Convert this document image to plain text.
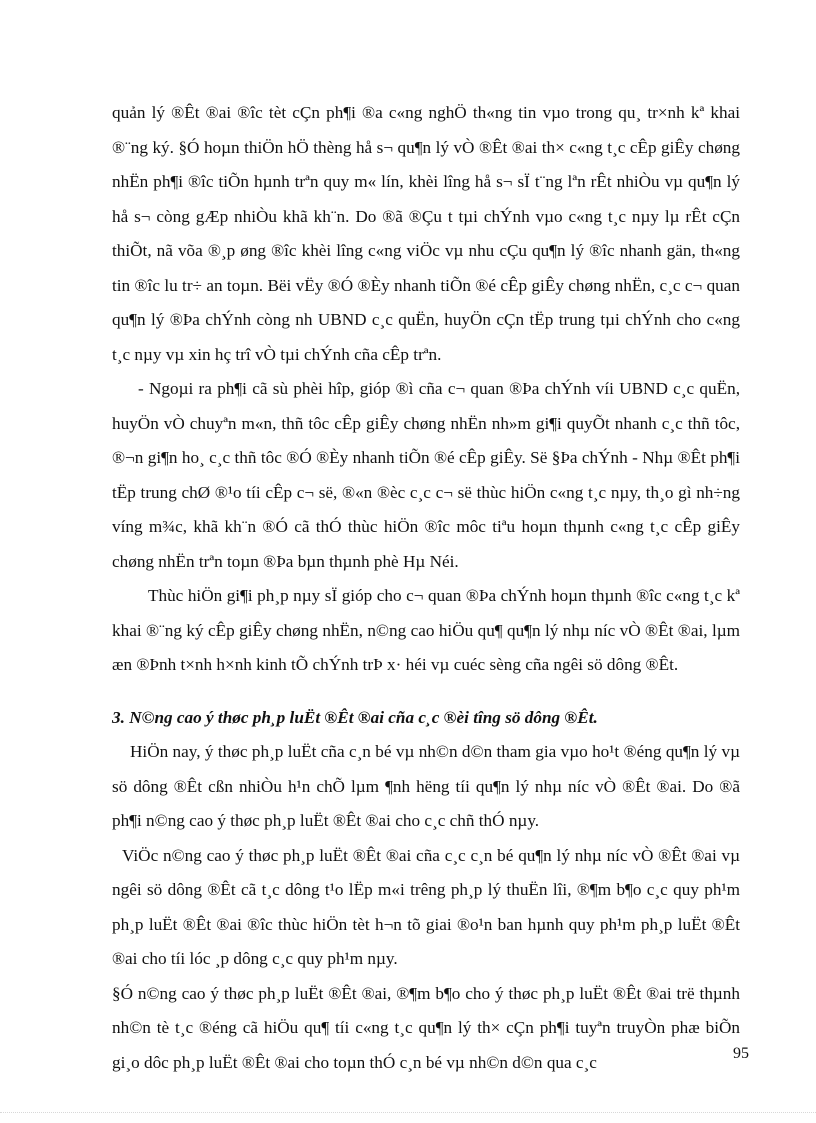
quản lý ®Êt ®ai ®îc tèt cÇn ph¶i ®a c«ng nghÖ th«ng tin vµo trong qu¸ tr×nh kª khai ®¨ng ký. §Ó hoµn thiÖn hÖ thèng hå s¬ qu¶n lý vÒ ®Êt ®ai th× c«ng t¸c cÊp giÊy chøng nhËn ph¶i ®îc tiÕn hµnh trªn quy m« lín, khèi lîng hå s¬ sÏ t¨ng lªn rÊt nhiÒu vµ qu¶n lý hå s¬ còng gÆp nhiÒu khã kh¨n. Do ®ã ®Çu t tµi chÝnh vµo c«ng t¸c nµy lµ rÊt cÇn thiÕt, nã võa ®¸p øng ®îc khèi lîng c«ng viÖc vµ nhu cÇu qu¶n lý ®îc nhanh gän, th«ng tin ®îc lu tr÷ an toµn. Bëi vËy ®Ó ®Èy nhanh tiÕn ®é cÊp giÊy chøng nhËn, c¸c c¬ quan qu¶n lý ®Þa chÝnh còng nh UBND c¸c quËn, huyÖn cÇn tËp trung tµi chÝnh cho c«ng t¸c nµy vµ xin hç trî vÒ tµi chÝnh cña cÊp trªn.

- Ngoµi ra ph¶i cã sù phèi hîp, gióp ®ì cña c¬ quan ®Þa chÝnh víi UBND c¸c quËn, huyÖn vÒ chuyªn m«n, thñ tôc cÊp giÊy chøng nhËn nh»m gi¶i quyÕt nhanh c¸c thñ tôc, ®¬n gi¶n ho¸ c¸c thñ tôc ®Ó ®Èy nhanh tiÕn ®é cÊp giÊy. Së §Þa chÝnh - Nhµ ®Êt ph¶i tËp trung chØ ®¹o tíi cÊp c¬ së, ®«n ®èc c¸c c¬ së thùc hiÖn c«ng t¸c nµy, th¸o gì nh÷ng víng m¾c, khã kh¨n ®Ó cã thÓ thùc hiÖn ®îc môc tiªu hoµn thµnh c«ng t¸c cÊp giÊy chøng nhËn trªn toµn ®Þa bµn thµnh phè Hµ Néi.

Thùc hiÖn gi¶i ph¸p nµy sÏ gióp cho c¬ quan ®Þa chÝnh hoµn thµnh ®îc c«ng t¸c kª khai ®¨ng ký cÊp giÊy chøng nhËn, n©ng cao hiÖu qu¶ qu¶n lý nhµ níc vÒ ®Êt ®ai, lµm æn ®Þnh t×nh h×nh kinh tÕ chÝnh trÞ x· héi vµ cuéc sèng cña ngêi sö dông ®Êt.

3. N©ng cao ý thøc ph¸p luËt ®Êt ®ai cña c¸c ®èi tîng sö dông ®Êt.

HiÖn nay, ý thøc ph¸p luËt cña c¸n bé vµ nh©n d©n tham gia vµo ho¹t ®éng qu¶n lý vµ sö dông ®Êt cßn nhiÒu h¹n chÕ lµm ¶nh hëng tíi qu¶n lý nhµ níc vÒ ®Êt ®ai. Do ®ã ph¶i n©ng cao ý thøc ph¸p luËt ®Êt ®ai cho c¸c chñ thÓ nµy.

ViÖc n©ng cao ý thøc ph¸p luËt ®Êt ®ai cña c¸c c¸n bé qu¶n lý nhµ níc vÒ ®Êt ®ai vµ ngêi sö dông ®Êt cã t¸c dông t¹o lËp m«i trêng ph¸p lý thuËn lîi, ®¶m b¶o c¸c quy ph¹m ph¸p luËt ®Êt ®ai ®îc thùc hiÖn tèt h¬n tõ giai ®o¹n ban hµnh quy ph¹m ph¸p luËt ®Êt ®ai cho tíi lóc ¸p dông c¸c quy ph¹m nµy.

§Ó n©ng cao ý thøc ph¸p luËt ®Êt ®ai, ®¶m b¶o cho ý thøc ph¸p luËt ®Êt ®ai trë thµnh nh©n tè t¸c ®éng cã hiÖu qu¶ tíi c«ng t¸c qu¶n lý th× cÇn ph¶i tuyªn truyÒn phæ biÕn gi¸o dôc ph¸p luËt ®Êt ®ai cho toµn thÓ c¸n bé vµ nh©n d©n qua c¸c	95
